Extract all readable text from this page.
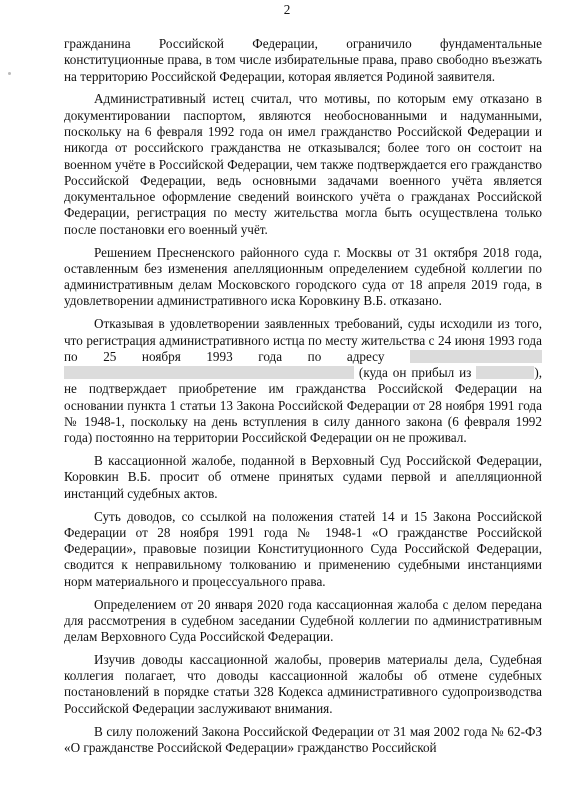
2

гражданина Российской Федерации, ограничило фундаментальные конституционные права, в том числе избирательные права, право свободно въезжать на территорию Российской Федерации, которая является Родиной заявителя.

Административный истец считал, что мотивы, по которым ему отказано в документировании паспортом, являются необоснованными и надуманными, поскольку на 6 февраля 1992 года он имел гражданство Российской Федерации и никогда от российского гражданства не отказывался; более того он состоит на военном учёте в Российской Федерации, чем также подтверждается его гражданство Российской Федерации, ведь основными задачами военного учёта является документальное оформление сведений воинского учёта о гражданах Российской Федерации, регистрация по месту жительства могла быть осуществлена только после постановки его военный учёт.

Решением Пресненского районного суда г. Москвы от 31 октября 2018 года, оставленным без изменения апелляционным определением судебной коллегии по административным делам Московского городского суда от 18 апреля 2019 года, в удовлетворении административного иска Коровкину В.Б. отказано.

Отказывая в удовлетворении заявленных требований, суды исходили из того, что регистрация административного истца по месту жительства с 24 июня 1993 года по 25 ноября 1993 года по адресу   (куда он прибыл из	), не подтверждает приобретение им гражданства Российской Федерации на основании пункта 1 статьи 13 Закона Российской Федерации от 28 ноября 1991 года № 1948-1, поскольку на день вступления в силу данного закона (6 февраля 1992 года) постоянно на территории Российской Федерации он не проживал.

В кассационной жалобе, поданной в Верховный Суд Российской Федерации, Коровкин В.Б. просит об отмене принятых судами первой и апелляционной инстанций судебных актов.

Суть доводов, со ссылкой на положения статей 14 и 15 Закона Российской Федерации от 28 ноября 1991 года № 1948-1 «О гражданстве Российской Федерации», правовые позиции Конституционного Суда Российской Федерации, сводится к неправильному толкованию и применению судебными инстанциями норм материального и процессуального права.

Определением от 20 января 2020 года кассационная жалоба с делом передана для рассмотрения в судебном заседании Судебной коллегии по административным делам Верховного Суда Российской Федерации.

Изучив доводы кассационной жалобы, проверив материалы дела, Судебная коллегия полагает, что доводы кассационной жалобы об отмене судебных постановлений в порядке статьи 328 Кодекса административного судопроизводства Российской Федерации заслуживают внимания.

В силу положений Закона Российской Федерации от 31 мая 2002 года № 62-ФЗ «О гражданстве Российской Федерации» гражданство Российской
